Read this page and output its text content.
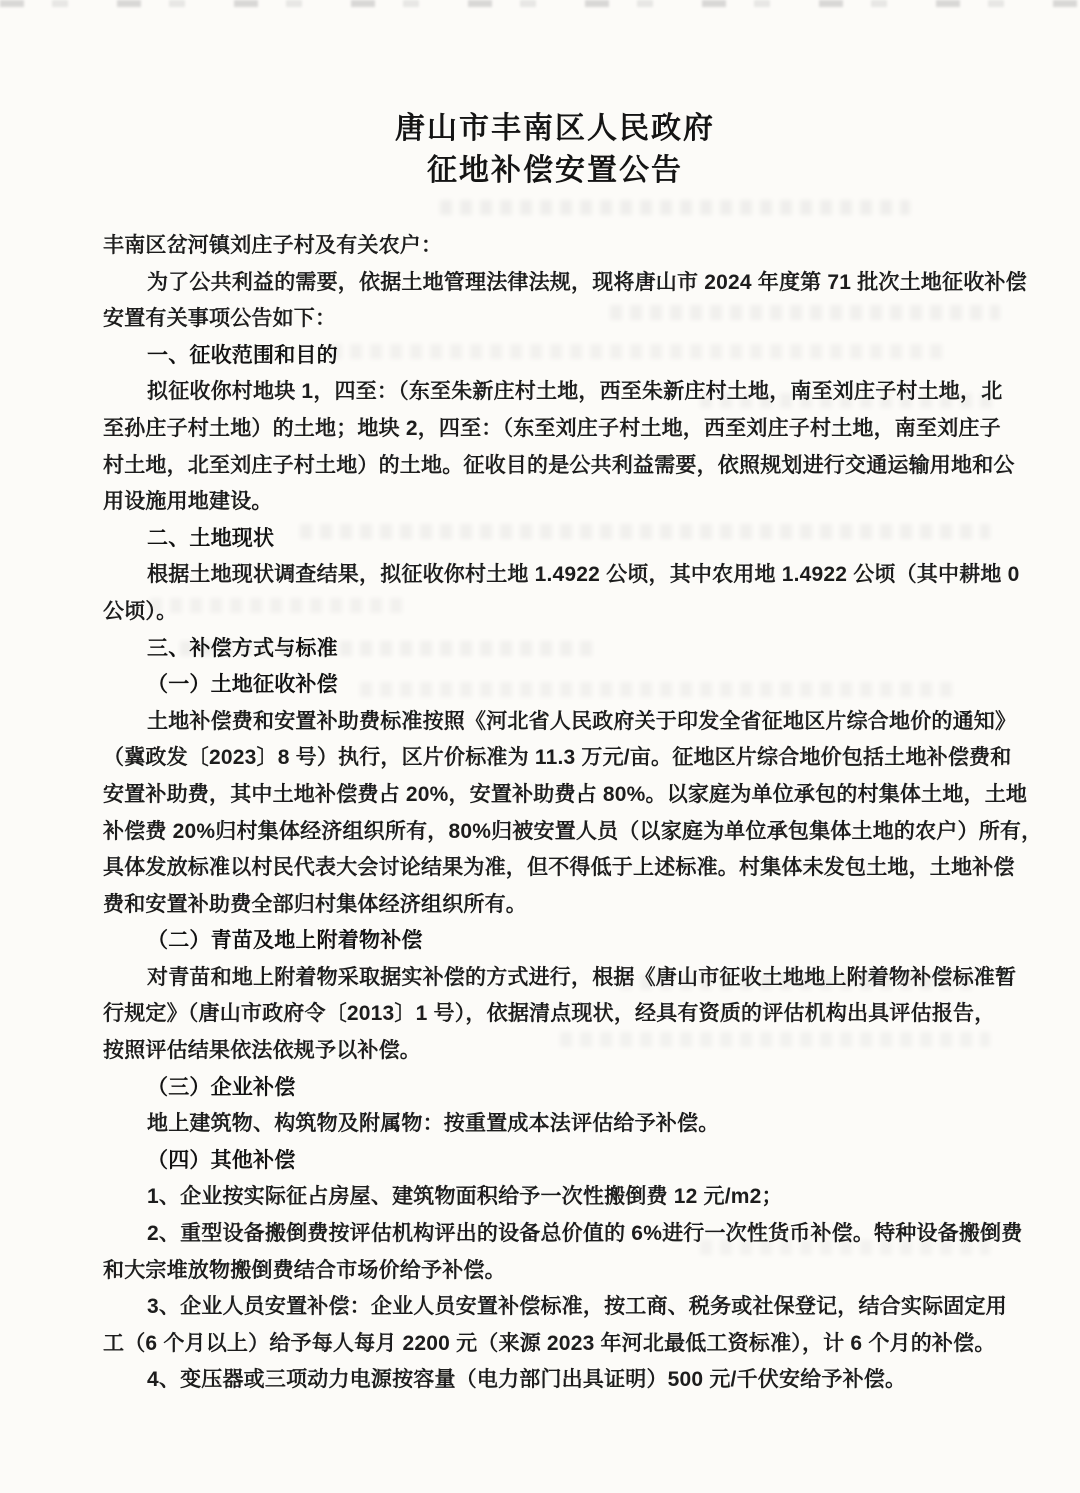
唐山市丰南区人民政府
征地补偿安置公告

丰南区岔河镇刘庄子村及有关农户：

为了公共利益的需要，依据土地管理法律法规，现将唐山市 2024 年度第 71 批次土地征收补偿

安置有关事项公告如下：

一、征收范围和目的

拟征收你村地块 1，四至：（东至朱新庄村土地，西至朱新庄村土地，南至刘庄子村土地，北

至孙庄子村土地）的土地；地块 2，四至：（东至刘庄子村土地，西至刘庄子村土地，南至刘庄子

村土地，北至刘庄子村土地）的土地。征收目的是公共利益需要，依照规划进行交通运输用地和公

用设施用地建设。

二、土地现状

根据土地现状调查结果，拟征收你村土地 1.4922 公顷，其中农用地 1.4922 公顷（其中耕地 0

公顷）。

三、补偿方式与标准

（一）土地征收补偿

土地补偿费和安置补助费标准按照《河北省人民政府关于印发全省征地区片综合地价的通知》

（冀政发〔2023〕8 号）执行，区片价标准为 11.3 万元/亩。征地区片综合地价包括土地补偿费和

安置补助费，其中土地补偿费占 20%，安置补助费占 80%。以家庭为单位承包的村集体土地，土地

补偿费 20%归村集体经济组织所有，80%归被安置人员（以家庭为单位承包集体土地的农户）所有，

具体发放标准以村民代表大会讨论结果为准，但不得低于上述标准。村集体未发包土地，土地补偿

费和安置补助费全部归村集体经济组织所有。

（二）青苗及地上附着物补偿

对青苗和地上附着物采取据实补偿的方式进行，根据《唐山市征收土地地上附着物补偿标准暂

行规定》（唐山市政府令〔2013〕1 号），依据清点现状，经具有资质的评估机构出具评估报告，

按照评估结果依法依规予以补偿。

（三）企业补偿

地上建筑物、构筑物及附属物：按重置成本法评估给予补偿。

（四）其他补偿

1、企业按实际征占房屋、建筑物面积给予一次性搬倒费 12 元/m2；

2、重型设备搬倒费按评估机构评出的设备总价值的 6%进行一次性货币补偿。特种设备搬倒费

和大宗堆放物搬倒费结合市场价给予补偿。

3、企业人员安置补偿：企业人员安置补偿标准，按工商、税务或社保登记，结合实际固定用

工（6 个月以上）给予每人每月 2200 元（来源 2023 年河北最低工资标准），计 6 个月的补偿。

4、变压器或三项动力电源按容量（电力部门出具证明）500 元/千伏安给予补偿。
